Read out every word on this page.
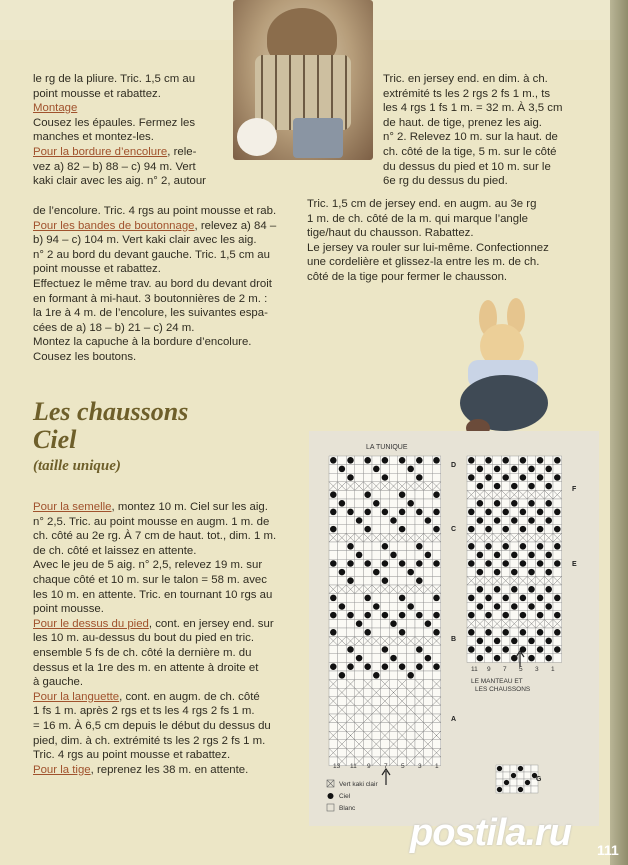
le rg de la pliure. Tric. 1,5 cm au

point mousse et rabattez.

Montage

Cousez les épaules. Fermez les

manches et montez-les.

Pour la bordure d’encolure, rele-

vez a) 82 – b) 88 – c) 94 m. Vert

kaki clair avec les aig. n° 2, autour

de l’encolure. Tric. 4 rgs au point mousse et rab.

Pour les bandes de boutonnage, relevez a) 84 –

b) 94 – c) 104 m. Vert kaki clair avec les aig.

n° 2 au bord du devant gauche. Tric. 1,5 cm au

point mousse et rabattez.

Effectuez le même trav. au bord du devant droit

en formant à mi-haut. 3 boutonnières de 2 m. :

la 1re à 4 m. de l’encolure, les suivantes espa-

cées de a) 18 – b) 21 – c) 24 m.

Montez la capuche à la bordure d’encolure.

Cousez les boutons.

Tric. en jersey end. en dim. à ch.

extrémité ts les 2 rgs 2 fs 1 m., ts

les 4 rgs 1 fs 1 m. = 32 m. À 3,5 cm

de haut. de tige, prenez les aig.

n° 2. Relevez 10 m. sur la haut. de

ch. côté de la tige, 5 m. sur le côté

du dessus du pied et 10 m. sur le

6e rg du dessus du pied.

Tric. 1,5 cm de jersey end. en augm. au 3e rg

1 m. de ch. côté de la m. qui marque l’angle

tige/haut du chausson. Rabattez.

Le jersey va rouler sur lui-même. Confectionnez

une cordelière et glissez-la entre les m. de ch.

côté de la tige pour fermer le chausson.

Les chaussons
Ciel
(taille unique)

Pour la semelle, montez 10 m. Ciel sur les aig.

n° 2,5. Tric. au point mousse en augm. 1 m. de

ch. côté au 2e rg. À 7 cm de haut. tot., dim. 1 m.

de ch. côté et laissez en attente.

Avec le jeu de 5 aig. n° 2,5, relevez 19 m. sur

chaque côté et 10 m. sur le talon = 58 m. avec

les 10 m. en attente. Tric. en tournant 10 rgs au

point mousse.

Pour le dessus du pied, cont. en jersey end. sur

les 10 m. au-dessus du bout du pied en tric.

ensemble 5 fs de ch. côté la dernière m. du

dessus et la 1re des m. en attente à droite et

à gauche.

Pour la languette, cont. en augm. de ch. côté

1 fs 1 m. après 2 rgs et ts les 4 rgs 2 fs 1 m.

= 16 m. À 6,5 cm depuis le début du dessus du

pied, dim. à ch. extrémité ts les 2 rgs 2 fs 1 m.

Tric. 4 rgs au point mousse et rabattez.

Pour la tige, reprenez les 38 m. en attente.

LA TUNIQUE
13 11 9 7 5 3 1
11 9 7 5 3 1
D
C
B
A
F
E
G
LE MANTEAU ET
LES CHAUSSONS
Vert kaki clair
Ciel
Blanc
postila.ru 111
